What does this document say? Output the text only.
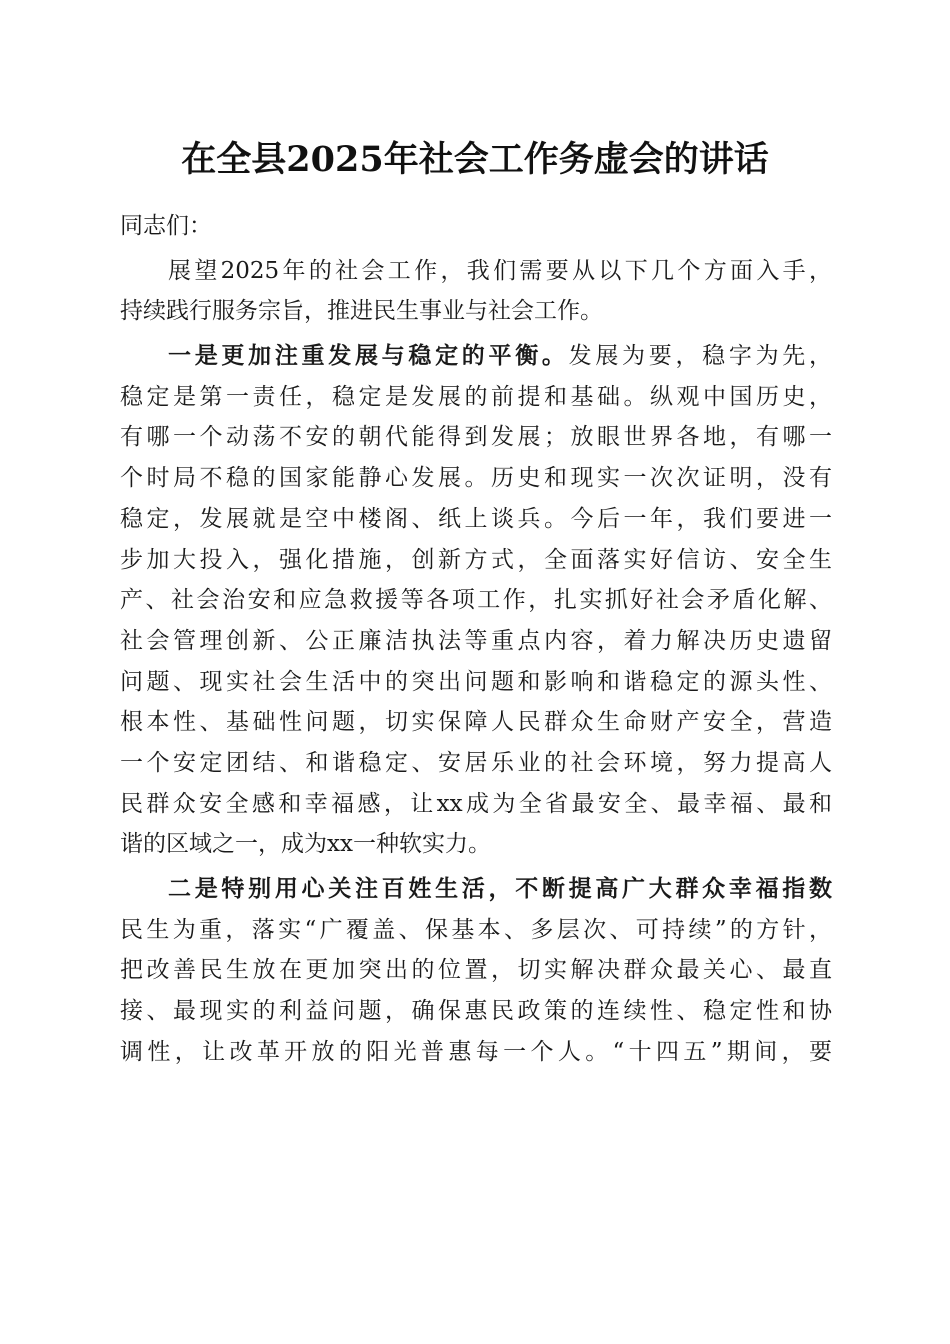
在全县2025年社会工作务虚会的讲话
同志们：
展望2025年的社会工作，我们需要从以下几个方面入手，
持续践行服务宗旨，推进民生事业与社会工作。
一是更加注重发展与稳定的平衡。发展为要，稳字为先，
稳定是第一责任，稳定是发展的前提和基础。纵观中国历史，
有哪一个动荡不安的朝代能得到发展；放眼世界各地，有哪一
个时局不稳的国家能静心发展。历史和现实一次次证明，没有
稳定，发展就是空中楼阁、纸上谈兵。今后一年，我们要进一
步加大投入，强化措施，创新方式，全面落实好信访、安全生
产、社会治安和应急救援等各项工作，扎实抓好社会矛盾化解、
社会管理创新、公正廉洁执法等重点内容，着力解决历史遗留
问题、现实社会生活中的突出问题和影响和谐稳定的源头性、
根本性、基础性问题，切实保障人民群众生命财产安全，营造
一个安定团结、和谐稳定、安居乐业的社会环境，努力提高人
民群众安全感和幸福感，让xx成为全省最安全、最幸福、最和
谐的区域之一，成为xx一种软实力。
二是特别用心关注百姓生活，不断提高广大群众幸福指数
民生为重，落实“广覆盖、保基本、多层次、可持续”的方针，
把改善民生放在更加突出的位置，切实解决群众最关心、最直
接、最现实的利益问题，确保惠民政策的连续性、稳定性和协
调性，让改革开放的阳光普惠每一个人。“十四五”期间，要
